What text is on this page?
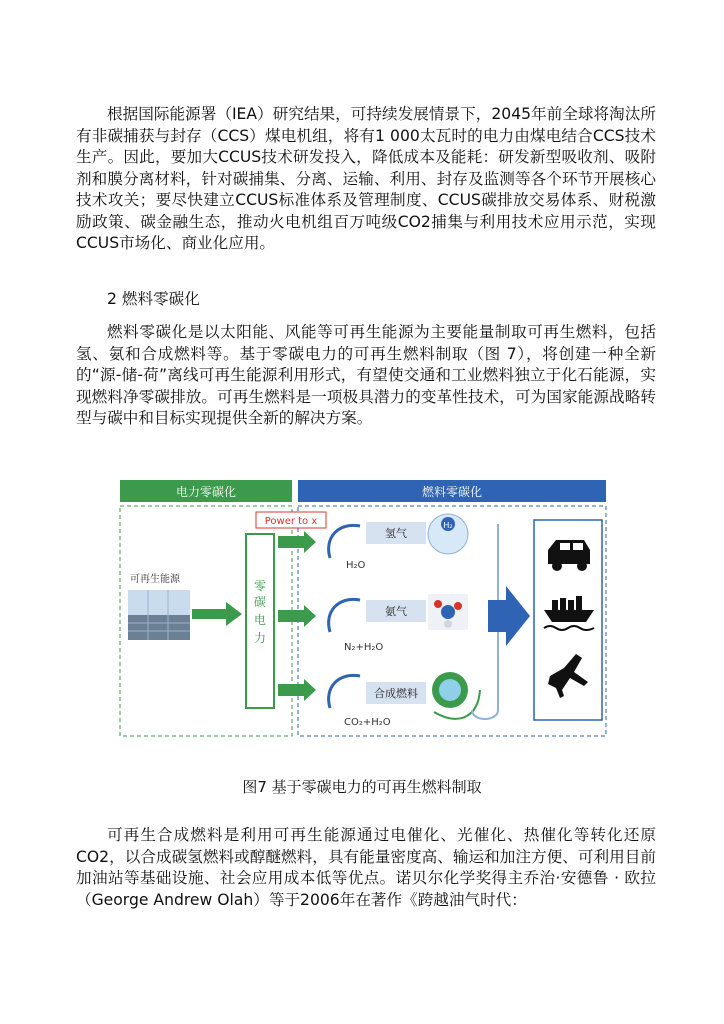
根据国际能源署（IEA）研究结果，可持续发展情景下，2045年前全球将淘汰所有非碳捕获与封存（CCS）煤电机组，将有1 000太瓦时的电力由煤电结合CCS技术生产。因此，要加大CCUS技术研发投入，降低成本及能耗：研发新型吸收剂、吸附剂和膜分离材料，针对碳捕集、分离、运输、利用、封存及监测等各个环节开展核心技术攻关；要尽快建立CCUS标准体系及管理制度、CCUS碳排放交易体系、财税激励政策、碳金融生态，推动火电机组百万吨级CO2捕集与利用技术应用示范，实现CCUS市场化、商业化应用。

2 燃料零碳化

燃料零碳化是以太阳能、风能等可再生能源为主要能量制取可再生燃料，包括氢、氨和合成燃料等。基于零碳电力的可再生燃料制取（图 7），将创建一种全新的“源-储-荷”离线可再生能源利用形式，有望使交通和工业燃料独立于化石能源，实现燃料净零碳排放。可再生燃料是一项极具潜力的变革性技术，可为国家能源战略转型与碳中和目标实现提供全新的解决方案。

电力零碳化	燃料零碳化
可再生能源	零
碳
电
力
Power to x
H₂O
N₂+H₂O
CO₂+H₂O
氢气
氨气
合成燃料
H₂

图7 基于零碳电力的可再生燃料制取

可再生合成燃料是利用可再生能源通过电催化、光催化、热催化等转化还原CO2，以合成碳氢燃料或醇醚燃料，具有能量密度高、输运和加注方便、可利用目前加油站等基础设施、社会应用成本低等优点。诺贝尔化学奖得主乔治·安德鲁 · 欧拉（George Andrew Olah）等于2006年在著作《跨越油气时代：
